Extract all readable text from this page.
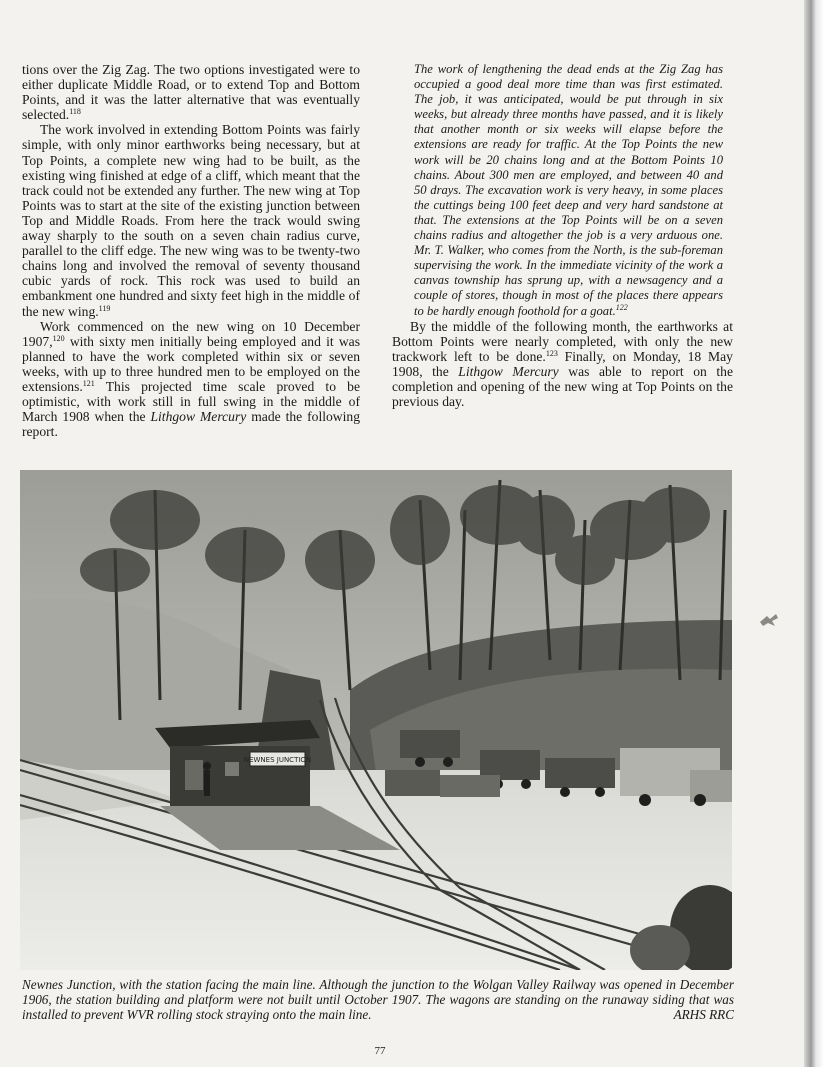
tions over the Zig Zag. The two options investigated were to either duplicate Middle Road, or to extend Top and Bottom Points, and it was the latter alternative that was eventually selected.$^{118}$

The work involved in extending Bottom Points was fairly simple, with only minor earthworks being necessary, but at Top Points, a complete new wing had to be built, as the existing wing finished at edge of a cliff, which meant that the track could not be extended any further. The new wing at Top Points was to start at the site of the existing junction between Top and Middle Roads. From here the track would swing away sharply to the south on a seven chain radius curve, parallel to the cliff edge. The new wing was to be twenty-two chains long and involved the removal of seventy thousand cubic yards of rock. This rock was used to build an embankment one hundred and sixty feet high in the middle of the new wing.$^{119}$

Work commenced on the new wing on 10 December 1907,$^{120}$ with sixty men initially being employed and it was planned to have the work completed within six or seven weeks, with up to three hundred men to be employed on the extensions.$^{121}$ This projected time scale proved to be optimistic, with work still in full swing in the middle of March 1908 when the Lithgow Mercury made the following report.

The work of lengthening the dead ends at the Zig Zag has occupied a good deal more time than was first estimated. The job, it was anticipated, would be put through in six weeks, but already three months have passed, and it is likely that another month or six weeks will elapse before the extensions are ready for traffic. At the Top Points the new work will be 20 chains long and at the Bottom Points 10 chains. About 300 men are employed, and between 40 and 50 drays. The excavation work is very heavy, in some places the cuttings being 100 feet deep and very hard sandstone at that. The extensions at the Top Points will be on a seven chains radius and altogether the job is a very arduous one. Mr. T. Walker, who comes from the North, is the sub-foreman supervising the work. In the immediate vicinity of the work a canvas township has sprung up, with a newsagency and a couple of stores, though in most of the places there appears to be hardly enough foothold for a goat.$^{122}$

By the middle of the following month, the earthworks at Bottom Points were nearly completed, with only the new trackwork left to be done.$^{123}$ Finally, on Monday, 18 May 1908, the Lithgow Mercury was able to report on the completion and opening of the new wing at Top Points on the previous day.

NEWNES JUNCTION
Newnes Junction, with the station facing the main line. Although the junction to the Wolgan Valley Railway was opened in December 1906, the station building and platform were not built until October 1907. The wagons are standing on the runaway siding that was installed to prevent WVR rolling stock straying onto the main line.	ARHS RRC
77
